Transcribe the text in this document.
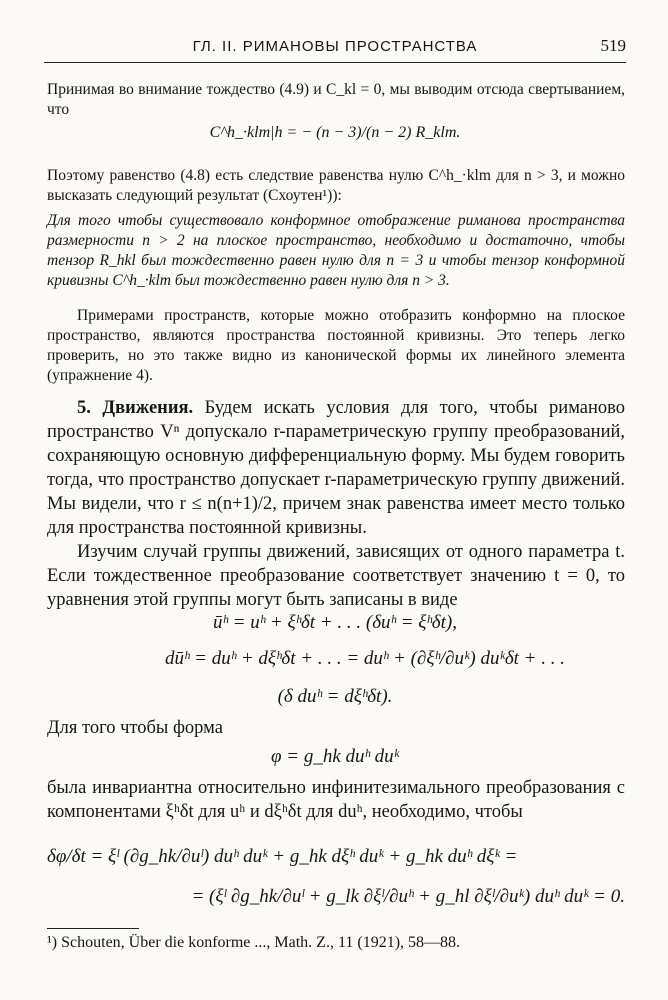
ГЛ. II. РИМАНОВЫ ПРОСТРАНСТВА	519

Принимая во внимание тождество (4.9) и C_kl = 0, мы выводим отсюда свертыванием, что

C^h_·klm|h = − (n − 3)/(n − 2) R_klm.

Поэтому равенство (4.8) есть следствие равенства нулю C^h_·klm для n > 3, и можно высказать следующий результат (Схоутен¹)):

Для того чтобы существовало конформное отображение риманова пространства размерности n > 2 на плоское пространство, необходимо и достаточно, чтобы тензор R_hkl был тождественно равен нулю для n = 3 и чтобы тензор конформной кривизны C^h_·klm был тождественно равен нулю для n > 3.

Примерами пространств, которые можно отобразить конформно на плоское пространство, являются пространства постоянной кривизны. Это теперь легко проверить, но это также видно из канонической формы их линейного элемента (упражнение 4).

5. Движения. Будем искать условия для того, чтобы риманово пространство Vⁿ допускало r-параметрическую группу преобразований, сохраняющую основную дифференциальную форму. Мы будем говорить тогда, что пространство допускает r-параметрическую группу движений. Мы видели, что r ≤ n(n+1)/2, причем знак равенства имеет место только для пространства постоянной кривизны.

Изучим случай группы движений, зависящих от одного параметра t. Если тождественное преобразование соответствует значению t = 0, то уравнения этой группы могут быть записаны в виде

ūʰ = uʰ + ξʰδt + . . . (δuʰ = ξʰδt),
dūʰ = duʰ + dξʰδt + . . . = duʰ + (∂ξʰ/∂uᵏ) duᵏδt + . . .
(δ duʰ = dξʰδt).

Для того чтобы форма

φ = g_hk duʰ duᵏ

была инвариантна относительно инфинитезимального преобразования с компонентами ξʰδt для uʰ и dξʰδt для duʰ, необходимо, чтобы

δφ/δt = ξˡ (∂g_hk/∂uˡ) duʰ duᵏ + g_hk dξʰ duᵏ + g_hk duʰ dξᵏ =
= (ξˡ ∂g_hk/∂uˡ + g_lk ∂ξˡ/∂uʰ + g_hl ∂ξˡ/∂uᵏ) duʰ duᵏ = 0.
¹) Schouten, Über die konforme ..., Math. Z., 11 (1921), 58—88.
